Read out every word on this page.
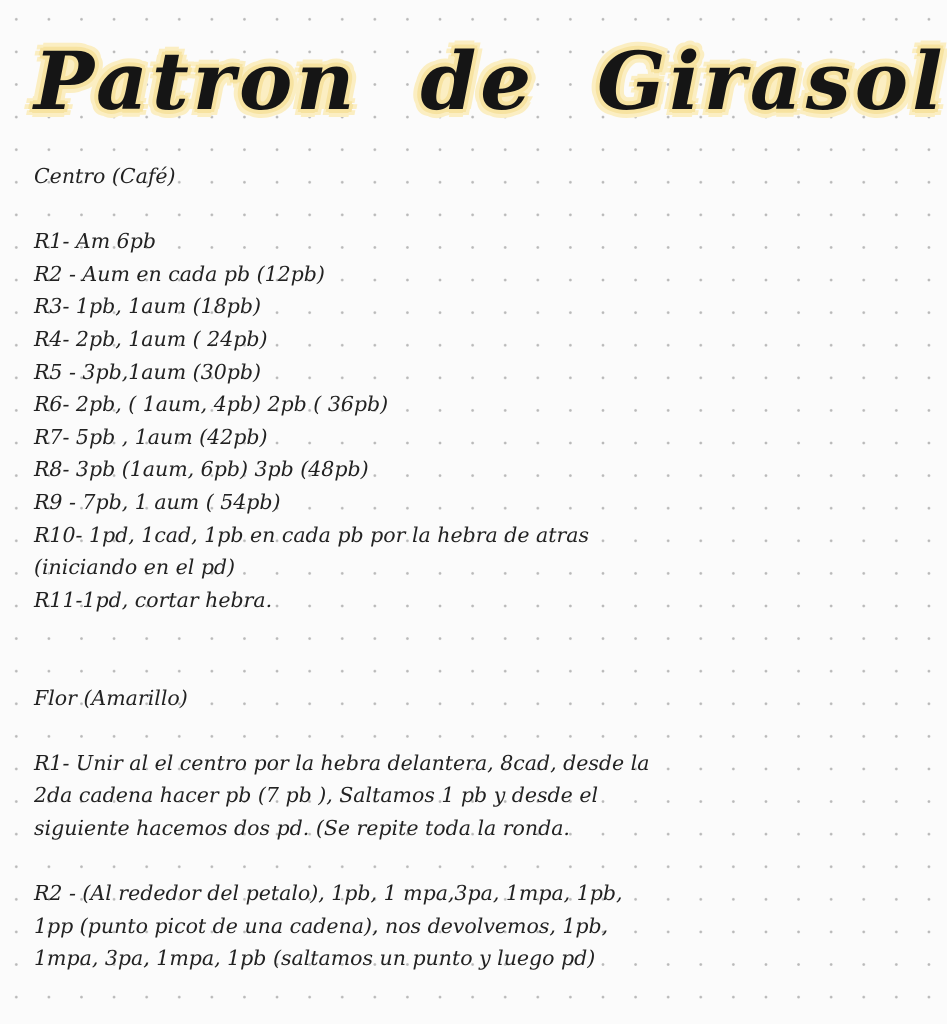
Patron de Girasol
Centro (Café)
R1- Am 6pb
R2 - Aum en cada pb (12pb)
R3- 1pb, 1aum (18pb)
R4- 2pb, 1aum ( 24pb)
R5 - 3pb,1aum (30pb)
R6- 2pb, ( 1aum, 4pb) 2pb ( 36pb)
R7- 5pb , 1aum (42pb)
R8- 3pb (1aum, 6pb) 3pb (48pb)
R9 - 7pb, 1 aum ( 54pb)
R10- 1pd, 1cad, 1pb en cada pb por la hebra de atras
(iniciando en el pd)
R11-1pd, cortar hebra.
Flor (Amarillo)
R1- Unir al el centro por la hebra delantera, 8cad, desde la
2da cadena hacer pb (7 pb ), Saltamos 1 pb y desde el
siguiente hacemos dos pd. (Se repite toda la ronda.
R2 - (Al rededor del petalo), 1pb, 1 mpa,3pa, 1mpa, 1pb,
1pp (punto picot de una cadena), nos devolvemos, 1pb,
1mpa, 3pa, 1mpa, 1pb (saltamos un punto y luego pd)
